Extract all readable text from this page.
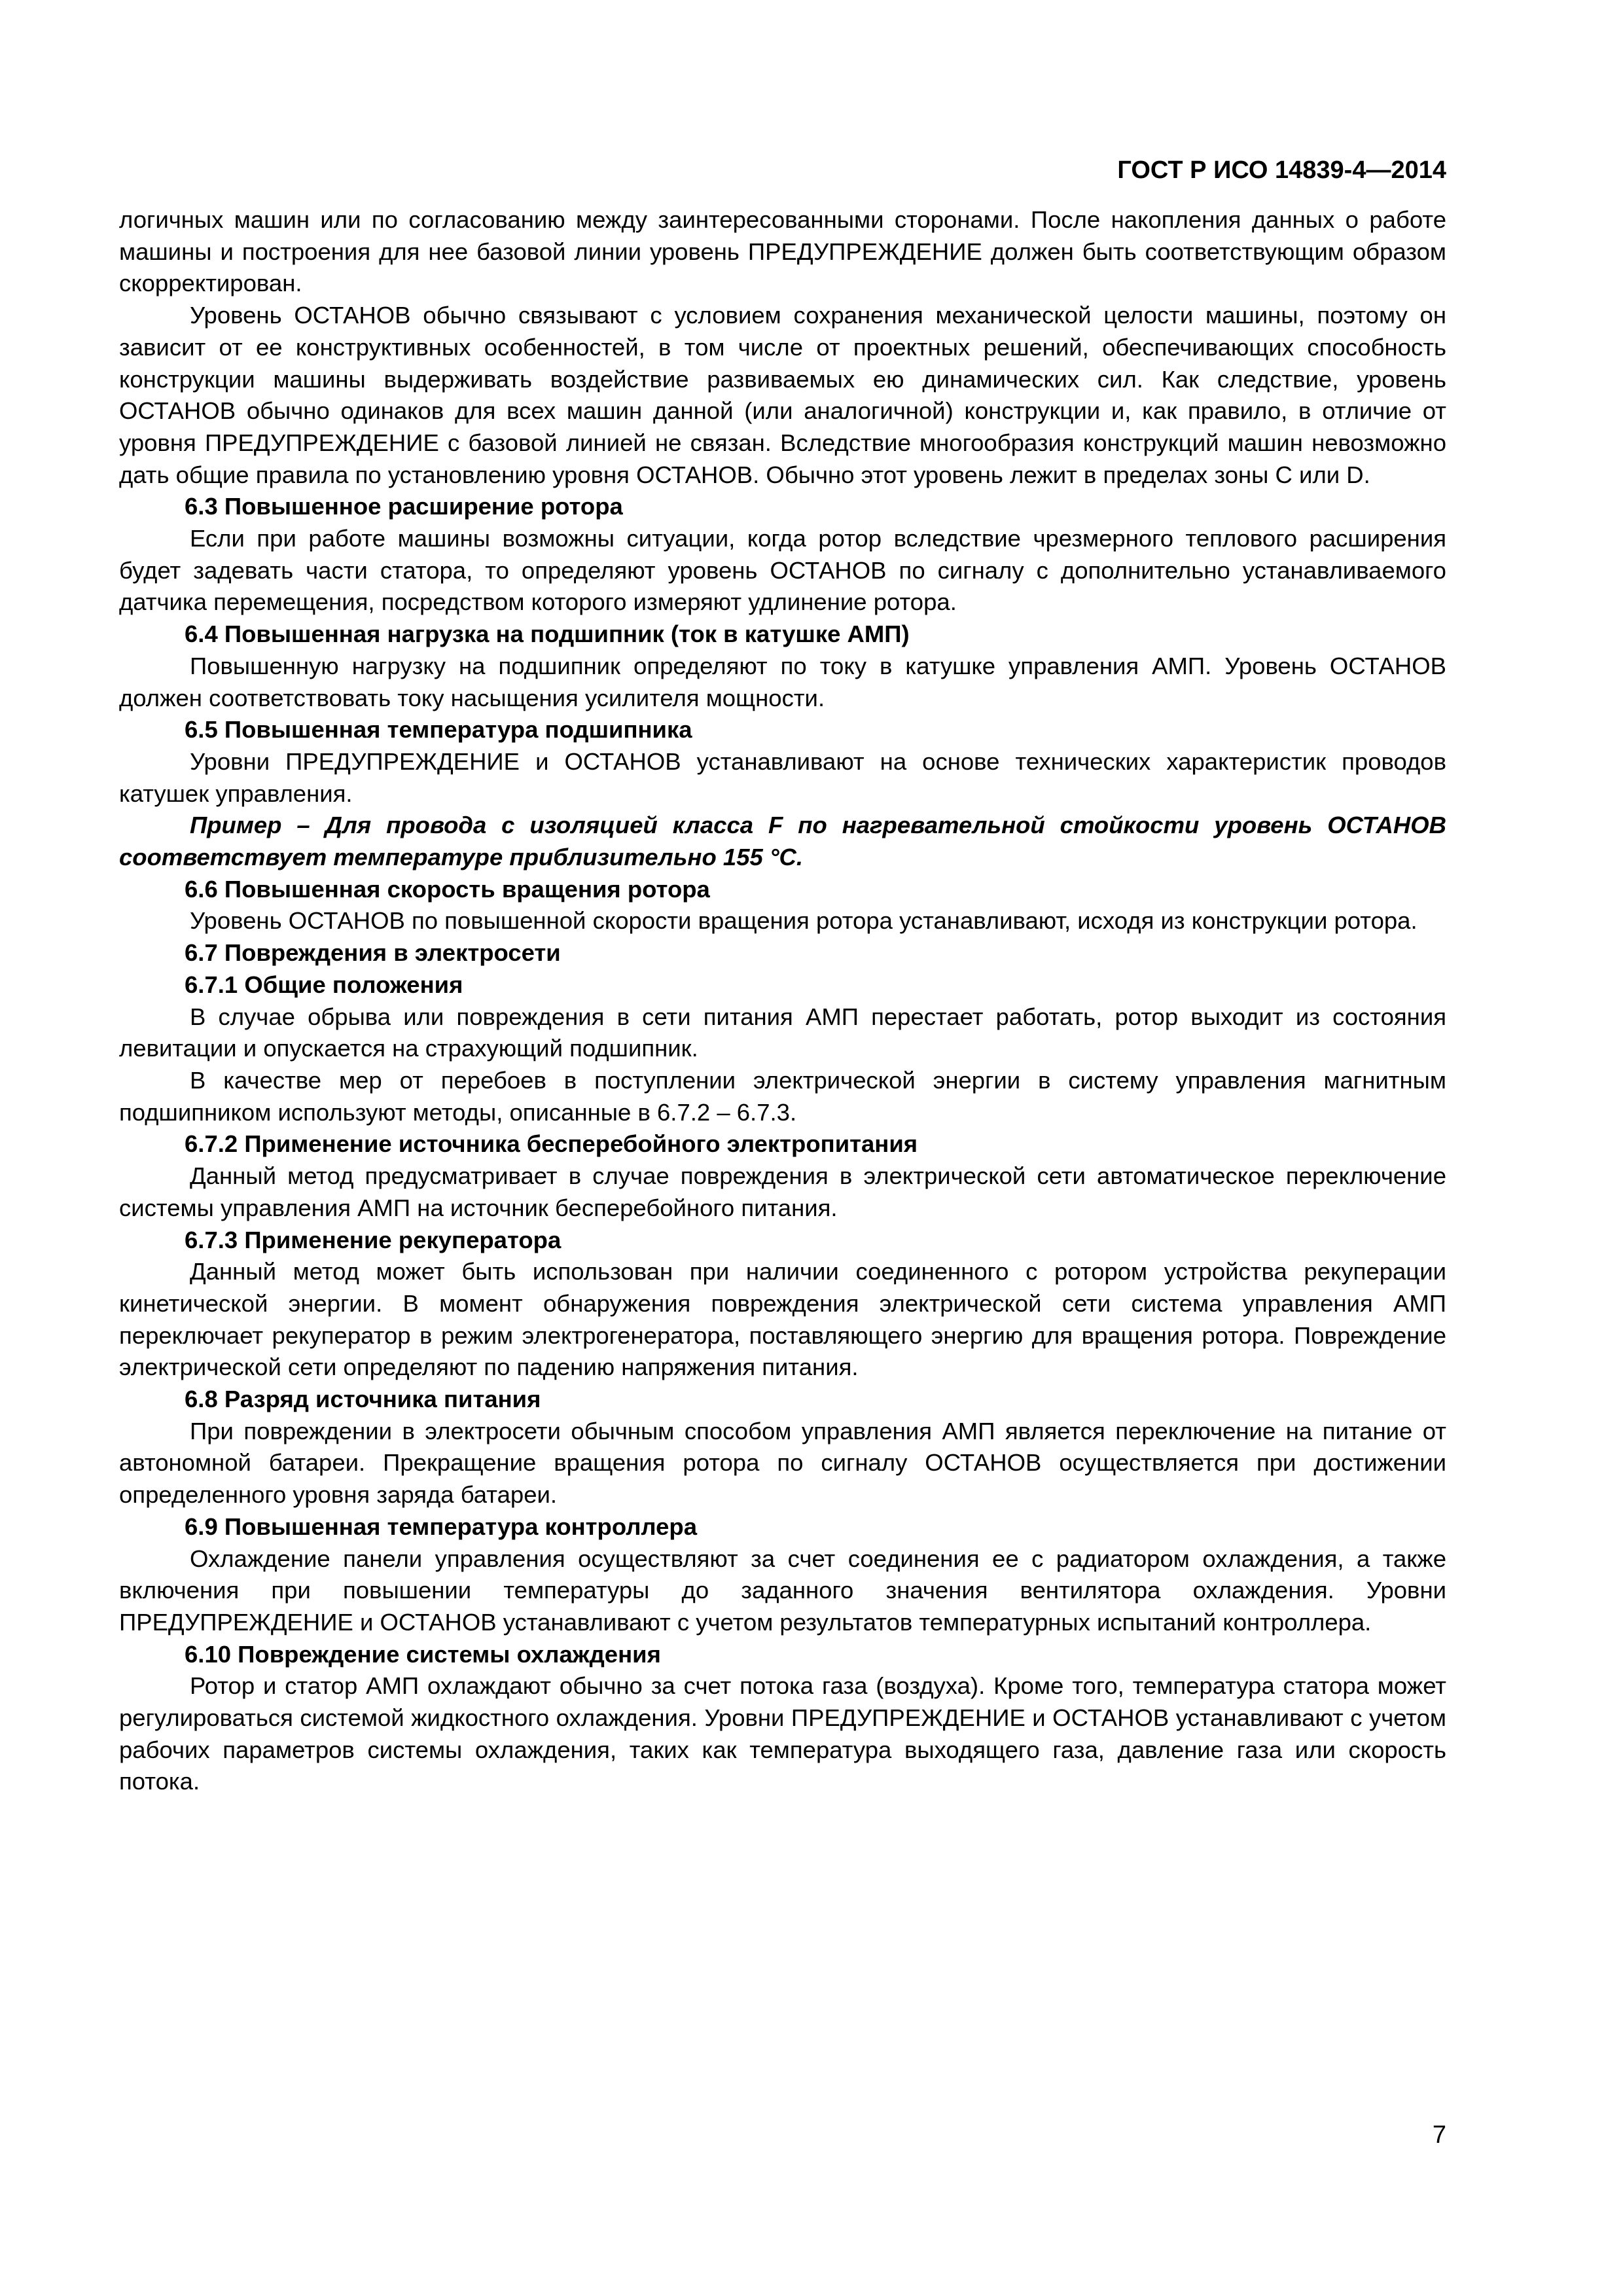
ГОСТ Р ИСО 14839-4—2014

логичных машин или по согласованию между заинтересованными сторонами. После накопления данных о работе машины и построения для нее базовой линии уровень ПРЕДУПРЕЖДЕНИЕ должен быть соответствующим образом скорректирован.

Уровень ОСТАНОВ обычно связывают с условием сохранения механической целости машины, поэтому он зависит от ее конструктивных особенностей, в том числе от проектных решений, обеспечивающих способность конструкции машины выдерживать воздействие развиваемых ею динамических сил. Как следствие, уровень ОСТАНОВ обычно одинаков для всех машин данной (или аналогичной) конструкции и, как правило, в отличие от уровня ПРЕДУПРЕЖДЕНИЕ с базовой линией не связан. Вследствие многообразия конструкций машин невозможно дать общие правила по установлению уровня ОСТАНОВ. Обычно этот уровень лежит в пределах зоны С или D.

6.3 Повышенное расширение ротора

Если при работе машины возможны ситуации, когда ротор вследствие чрезмерного теплового расширения будет задевать части статора, то определяют уровень ОСТАНОВ по сигналу с дополнительно устанавливаемого датчика перемещения, посредством которого измеряют удлинение ротора.

6.4 Повышенная нагрузка на подшипник (ток в катушке АМП)

Повышенную нагрузку на подшипник определяют по току в катушке управления АМП. Уровень ОСТАНОВ должен соответствовать току насыщения усилителя мощности.

6.5 Повышенная температура подшипника

Уровни ПРЕДУПРЕЖДЕНИЕ и ОСТАНОВ устанавливают на основе технических характеристик проводов катушек управления.

Пример – Для провода с изоляцией класса F по нагревательной стойкости уровень ОСТАНОВ соответствует температуре приблизительно 155 °С.

6.6 Повышенная скорость вращения ротора

Уровень ОСТАНОВ по повышенной скорости вращения ротора устанавливают, исходя из конструкции ротора.

6.7 Повреждения в электросети
6.7.1 Общие положения

В случае обрыва или повреждения в сети питания АМП перестает работать, ротор выходит из состояния левитации и опускается на страхующий подшипник.

В качестве мер от перебоев в поступлении электрической энергии в систему управления магнитным подшипником используют методы, описанные в 6.7.2 – 6.7.3.

6.7.2 Применение источника бесперебойного электропитания

Данный метод предусматривает в случае повреждения в электрической сети автоматическое переключение системы управления АМП на источник бесперебойного питания.

6.7.3 Применение рекуператора

Данный метод может быть использован при наличии соединенного с ротором устройства рекуперации кинетической энергии. В момент обнаружения повреждения электрической сети система управления АМП переключает рекуператор в режим электрогенератора, поставляющего энергию для вращения ротора. Повреждение электрической сети определяют по падению напряжения питания.

6.8 Разряд источника питания

При повреждении в электросети обычным способом управления АМП является переключение на питание от автономной батареи. Прекращение вращения ротора по сигналу ОСТАНОВ осуществляется при достижении определенного уровня заряда батареи.

6.9 Повышенная температура контроллера

Охлаждение панели управления осуществляют за счет соединения ее с радиатором охлаждения, а также включения при повышении температуры до заданного значения вентилятора охлаждения. Уровни ПРЕДУПРЕЖДЕНИЕ и ОСТАНОВ устанавливают с учетом результатов температурных испытаний контроллера.

6.10 Повреждение системы охлаждения

Ротор и статор АМП охлаждают обычно за счет потока газа (воздуха). Кроме того, температура статора может регулироваться системой жидкостного охлаждения. Уровни ПРЕДУПРЕЖДЕНИЕ и ОСТАНОВ устанавливают с учетом рабочих параметров системы охлаждения, таких как температура выходящего газа, давление газа или скорость потока.

7
